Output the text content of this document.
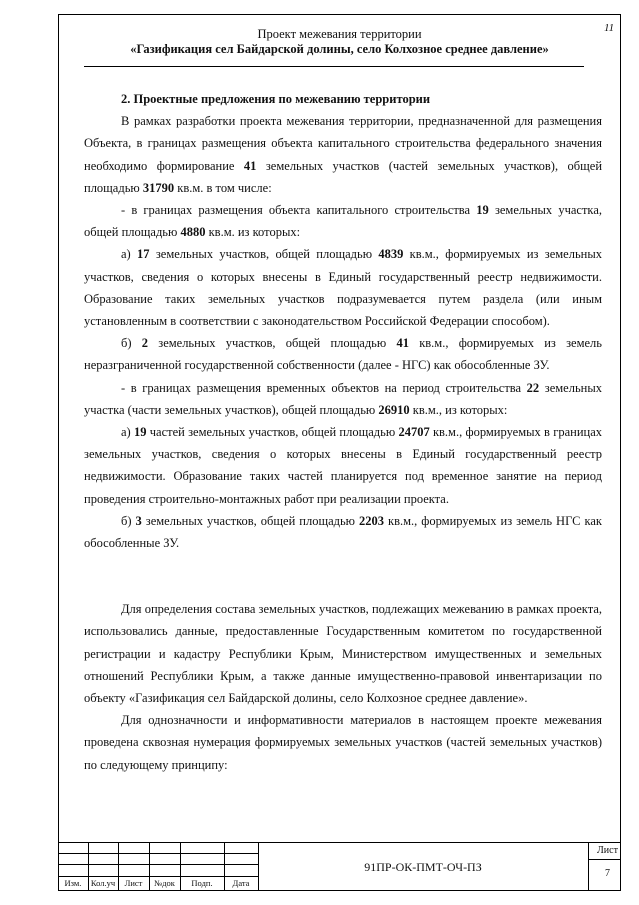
11
Проект межевания территории
«Газификация сел Байдарской долины, село Колхозное среднее давление»
2. Проектные предложения по межеванию территории

В рамках разработки проекта межевания территории, предназначенной для размещения Объекта, в границах размещения объекта капитального строительства федерального значения необходимо формирование 41 земельных участков (частей земельных участков), общей площадью 31790 кв.м. в том числе:

- в границах размещения объекта капитального строительства 19 земельных участка, общей площадью 4880 кв.м. из которых:

а) 17 земельных участков, общей площадью 4839 кв.м., формируемых из земельных участков, сведения о которых внесены в Единый государственный реестр недвижимости. Образование таких земельных участков подразумевается путем раздела (или иным установленным в соответствии с законодательством Российской Федерации способом).

б) 2 земельных участков, общей площадью 41 кв.м., формируемых из земель неразграниченной государственной собственности (далее - НГС) как обособленные ЗУ.

- в границах размещения временных объектов на период строительства 22 земельных участка (части земельных участков), общей площадью 26910 кв.м., из которых:

а) 19 частей земельных участков, общей площадью 24707 кв.м., формируемых в границах земельных участков, сведения о которых внесены в Единый государственный реестр недвижимости. Образование таких частей планируется под временное занятие на период проведения строительно-монтажных работ при реализации проекта.

б) 3 земельных участков, общей площадью 2203 кв.м., формируемых из земель НГС как обособленные ЗУ.

Для определения состава земельных участков, подлежащих межеванию в рамках проекта, использовались данные, предоставленные Государственным комитетом по государственной регистрации и кадастру Республики Крым, Министерством имущественных и земельных отношений Республики Крым, а также данные имущественно-правовой инвентаризации по объекту «Газификация сел Байдарской долины, село Колхозное среднее давление».

Для однозначности и информативности материалов в настоящем проекте межевания проведена сквозная нумерация формируемых земельных участков (частей земельных участков) по следующему принципу:

Изм.	Кол.уч	Лист	№док	Подп.	Дата
91ПР-ОК-ПМТ-ОЧ-ПЗ
Лист
7
